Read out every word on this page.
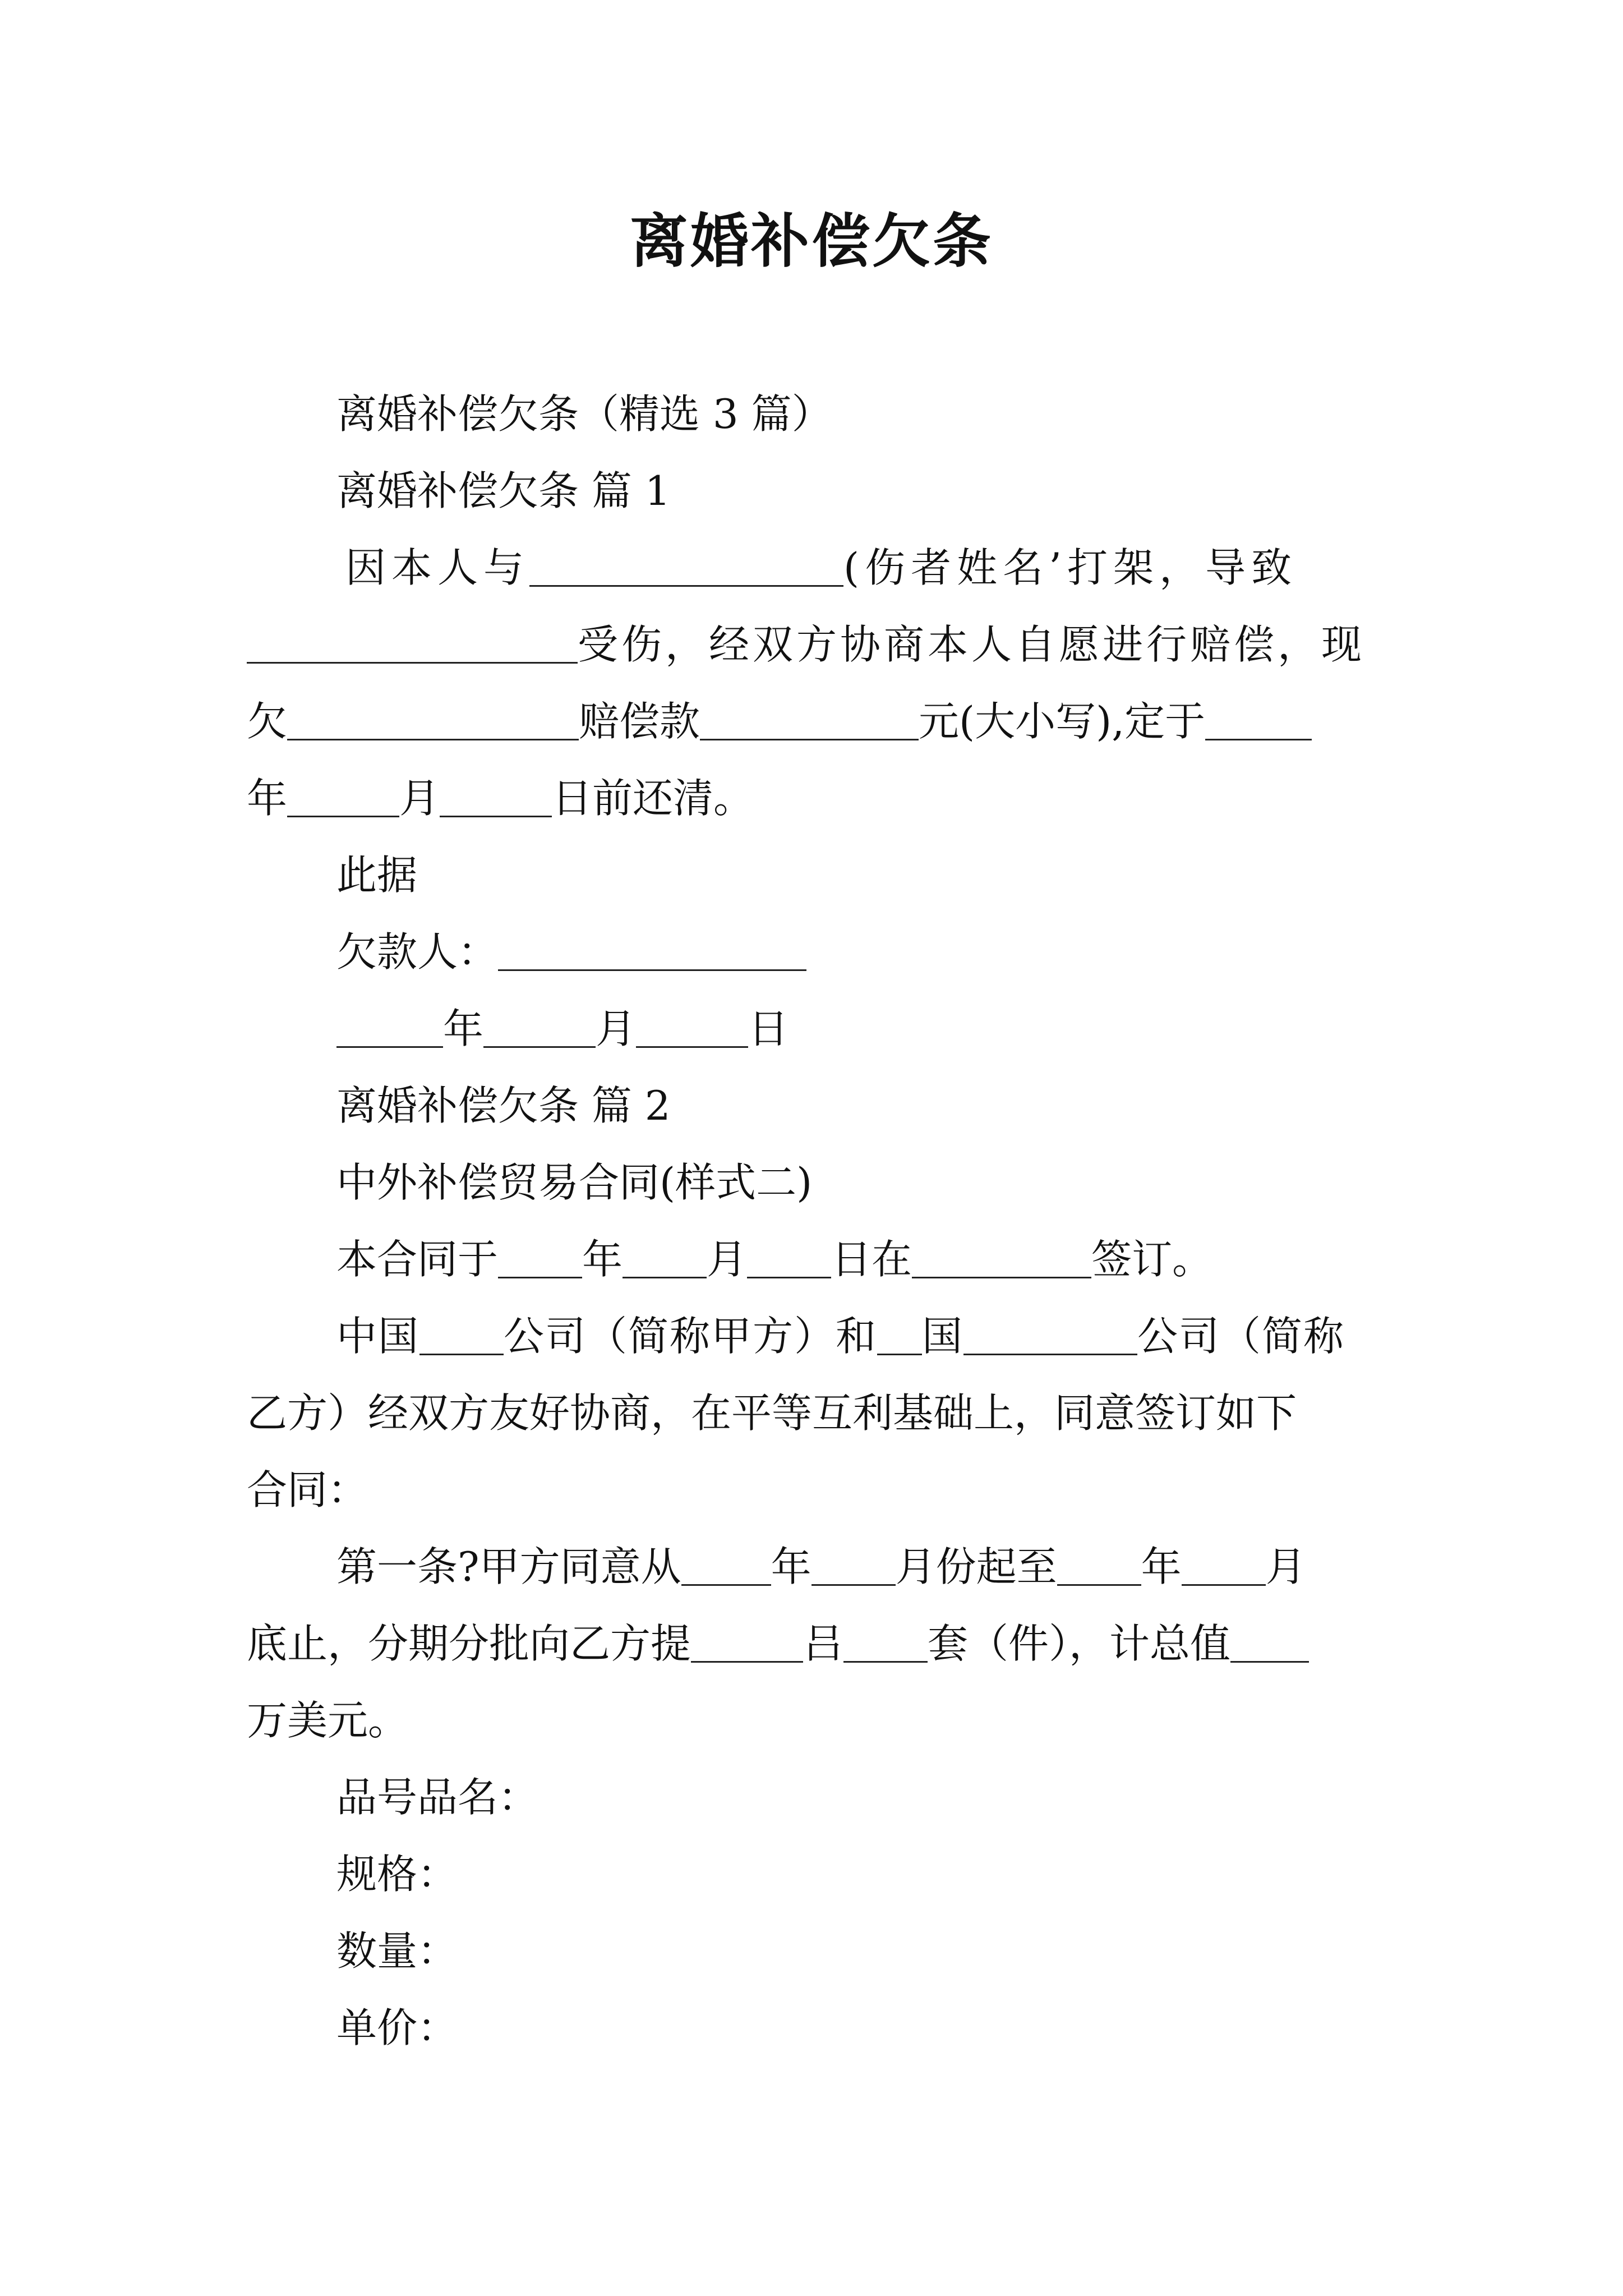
离婚补偿欠条

离婚补偿欠条（精选 3 篇）

离婚补偿欠条 篇 1

因本人与	(伤者姓名’打架，导致
受伤，经双方协商本人自愿进行赔偿，现
欠	赔偿款	元(大小写),定于
年	月	日前还清。

此据

欠款人：

年	月	日

离婚补偿欠条 篇 2

中外补偿贸易合同(样式二)

本合同于 年 月 日在	签订。

中国 公司（简称甲方）和 国	公司（简称
乙方）经双方友好协商，在平等互利基础上，同意签订如下
合同：
第一条?甲方同意从 年 月份起至 年 月
底止，分期分批向乙方提	吕 套（件），计总值
万美元。

品号品名：

规格：

数量：

单价：
